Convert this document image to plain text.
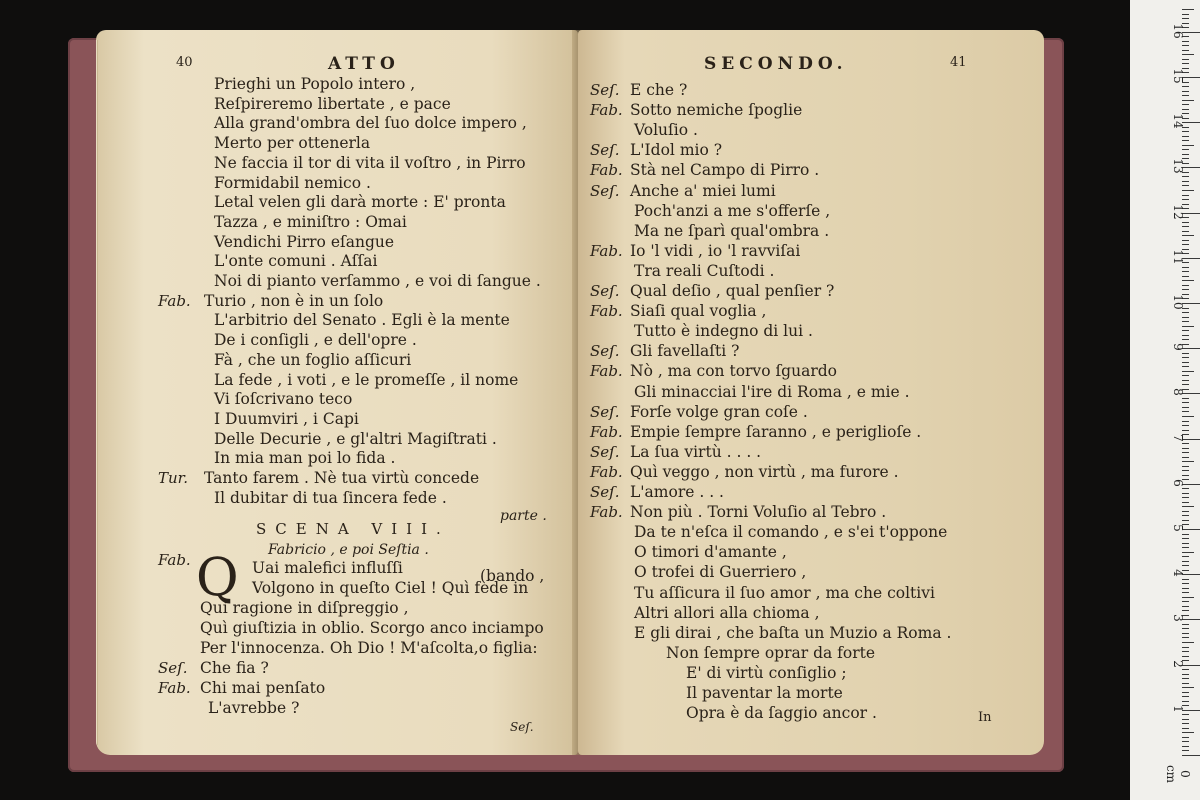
40	ATTO
Prieghi un Popolo intero ,
Reſpireremo libertate , e pace
Alla grand'ombra del ſuo dolce impero ,
Merto per ottenerla
Ne faccia il tor di vita il voſtro , in Pirro
Formidabil nemico .
Letal velen gli darà morte : E' pronta
Tazza , e miniſtro : Omai
Vendichi Pirro eſangue
L'onte comuni . Aſſai
Noi di pianto verſammo , e voi di ſangue .
Fab. Turio , non è in un ſolo
L'arbitrio del Senato . Egli è la mente
De i conſigli , e dell'opre .
Fà , che un foglio aſſicuri
La fede , i voti , e le promeſſe , il nome
Vi ſoſcrivano teco
I Duumviri , i Capi
Delle Decurie , e gl'altri Magiſtrati .
In mia man poi lo fida .
Tur. Tanto farem . Nè tua virtù concede
Il dubitar di tua ſincera fede .
parte .
SCENA VIII.
Fabricio , e poi Seſtia .
Fab. Q Uai malefici influſſi	(bando ,
Volgono in queſto Ciel ! Quì fede in
Quì ragione in diſpreggio ,
Quì giuſtizia in oblio. Scorgo anco inciampo
Per l'innocenza. Oh Dio ! M'aſcolta,o figlia:
Seſ. Che fia ?
Fab. Chi mai penſato
L'avrebbe ?
Seſ.
SECONDO.	41
Seſ. E che ?
Fab. Sotto nemiche ſpoglie
Voluſio .
Seſ. L'Idol mio ?
Fab. Stà nel Campo di Pirro .
Seſ. Anche a' miei lumi
Poch'anzi a me s'offerſe ,
Ma ne ſparì qual'ombra .
Fab. Io 'l vidi , io 'l ravviſai
Tra reali Cuſtodi .
Seſ. Qual deſio , qual penſier ?
Fab. Siaſi qual voglia ,
Tutto è indegno di lui .
Seſ. Gli favellaſti ?
Fab. Nò , ma con torvo ſguardo
Gli minacciai l'ire di Roma , e mie .
Seſ. Forſe volge gran coſe .
Fab. Empie ſempre ſaranno , e periglioſe .
Seſ. La ſua virtù . . . .
Fab. Quì veggo , non virtù , ma furore .
Seſ. L'amore . . .
Fab. Non più . Torni Voluſio al Tebro .
Da te n'eſca il comando , e s'ei t'oppone
O timori d'amante ,
O trofei di Guerriero ,
Tu aſſicura il ſuo amor , ma che coltivi
Altri allori alla chioma ,
E gli dirai , che baſta un Muzio a Roma .
Non ſempre oprar da forte
E' di virtù conſiglio ;
Il paventar la morte
Opra è da ſaggio ancor .	In
0 cm
1
2
3
4
5
6
7
8
9
10
11
12
13
14
15
16
